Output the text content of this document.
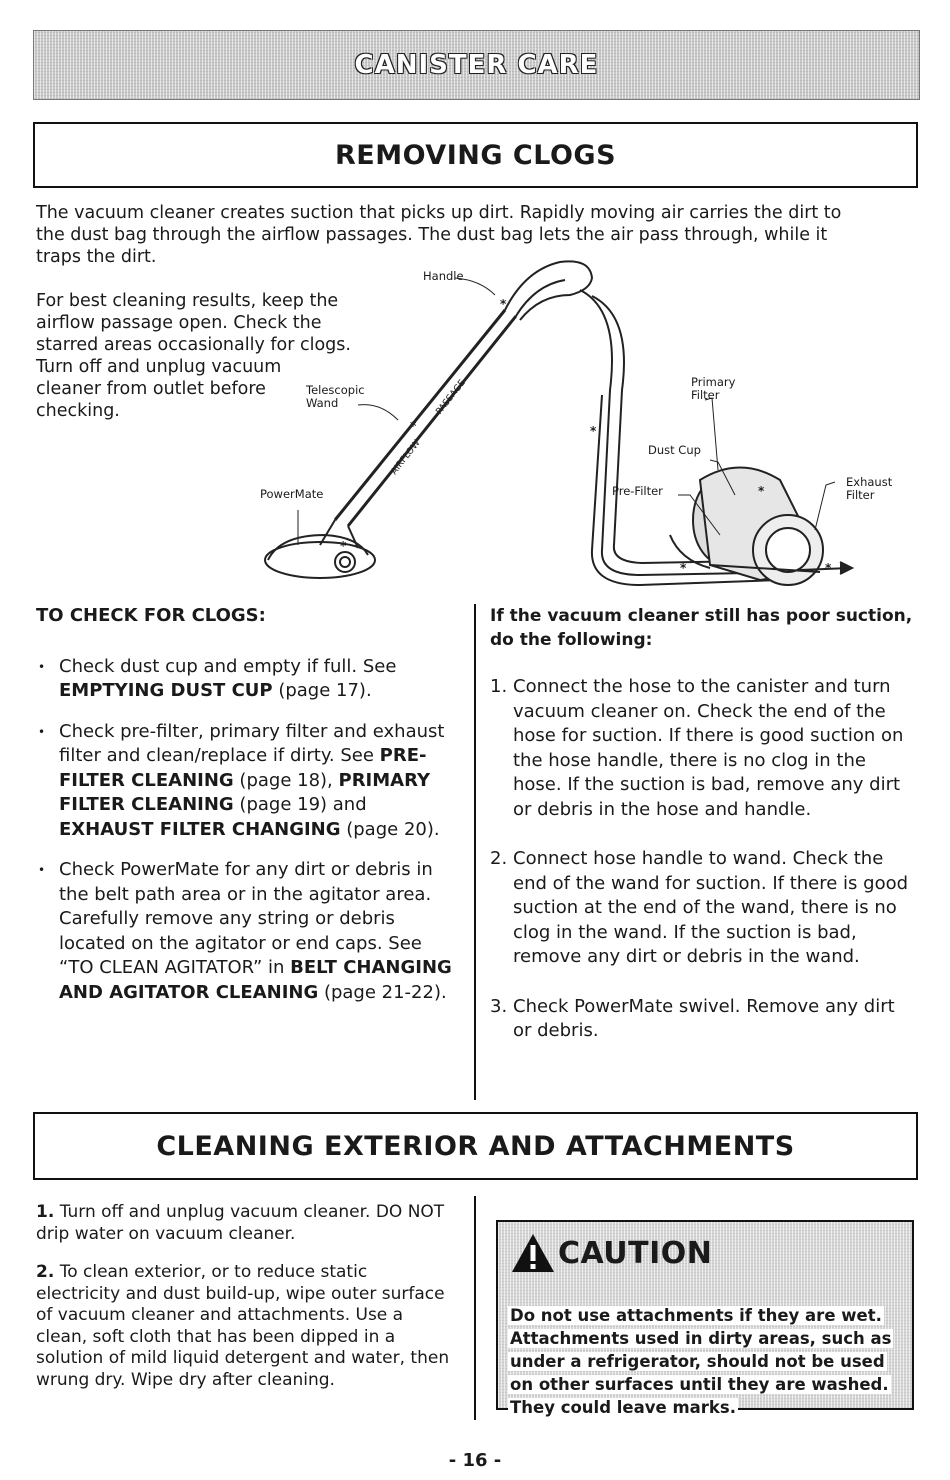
CANISTER CARE
REMOVING CLOGS
The vacuum cleaner creates suction that picks up dirt. Rapidly moving air carries the dirt to
the dust bag through the airflow passages. The dust bag lets the air pass through, while it
traps the dirt.
For best cleaning results, keep the
airflow passage open. Check the
starred areas occasionally for clogs.
Turn off and unplug vacuum
cleaner from outlet before
checking.
*
*
*
*
*
*
*
AIRFLOW
PASSAGE
Handle
Telescopic
Wand
PowerMate
Primary
Filter
Dust Cup
Pre-Filter
Exhaust
Filter

TO CHECK FOR CLOGS:

• Check dust cup and empty if full. See EMPTYING DUST CUP (page 17).
• Check pre-filter, primary filter and exhaust filter and clean/replace if dirty. See PRE-FILTER CLEANING (page 18), PRIMARY FILTER CLEANING (page 19) and EXHAUST FILTER CHANGING (page 20).
• Check PowerMate for any dirt or debris in the belt path area or in the agitator area. Carefully remove any string or debris located on the agitator or end caps. See “TO CLEAN AGITATOR” in BELT CHANGING AND AGITATOR CLEANING (page 21-22).

If the vacuum cleaner still has poor suction, do the following:

1. Connect the hose to the canister and turn vacuum cleaner on. Check the end of the hose for suction. If there is good suction on the hose handle, there is no clog in the hose. If the suction is bad, remove any dirt or debris in the hose and handle.
2. Connect hose handle to wand. Check the end of the wand for suction. If there is good suction at the end of the wand, there is no clog in the wand. If the suction is bad, remove any dirt or debris in the wand.
3. Check PowerMate swivel. Remove any dirt or debris.
CLEANING EXTERIOR AND ATTACHMENTS

1. Turn off and unplug vacuum cleaner. DO NOT drip water on vacuum cleaner.

2. To clean exterior, or to reduce static electricity and dust build-up, wipe outer surface of vacuum cleaner and attachments. Use a clean, soft cloth that has been dipped in a solution of mild liquid detergent and water, then wrung dry. Wipe dry after cleaning.

CAUTION
Do not use attachments if they are wet. Attachments used in dirty areas, such as under a refrigerator, should not be used on other surfaces until they are washed. They could leave marks.
- 16 -
